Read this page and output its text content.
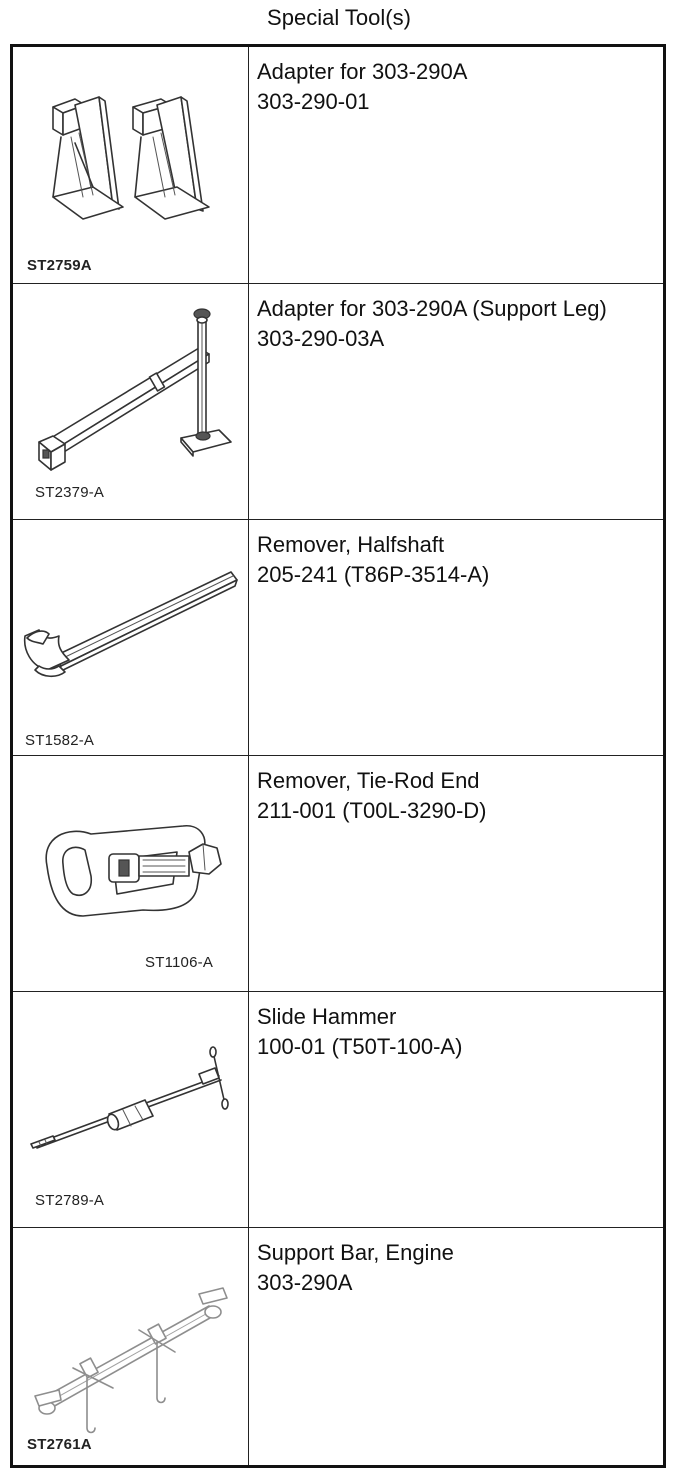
Special Tool(s)
ST2759A
Adapter for 303-290A
303-290-01
ST2379-A
Adapter for 303-290A (Support Leg)
303-290-03A
ST1582-A
Remover, Halfshaft
205-241 (T86P-3514-A)
ST1106-A
Remover, Tie-Rod End
211-001 (T00L-3290-D)
ST2789-A
Slide Hammer
100-01 (T50T-100-A)
ST2761A
Support Bar, Engine
303-290A
